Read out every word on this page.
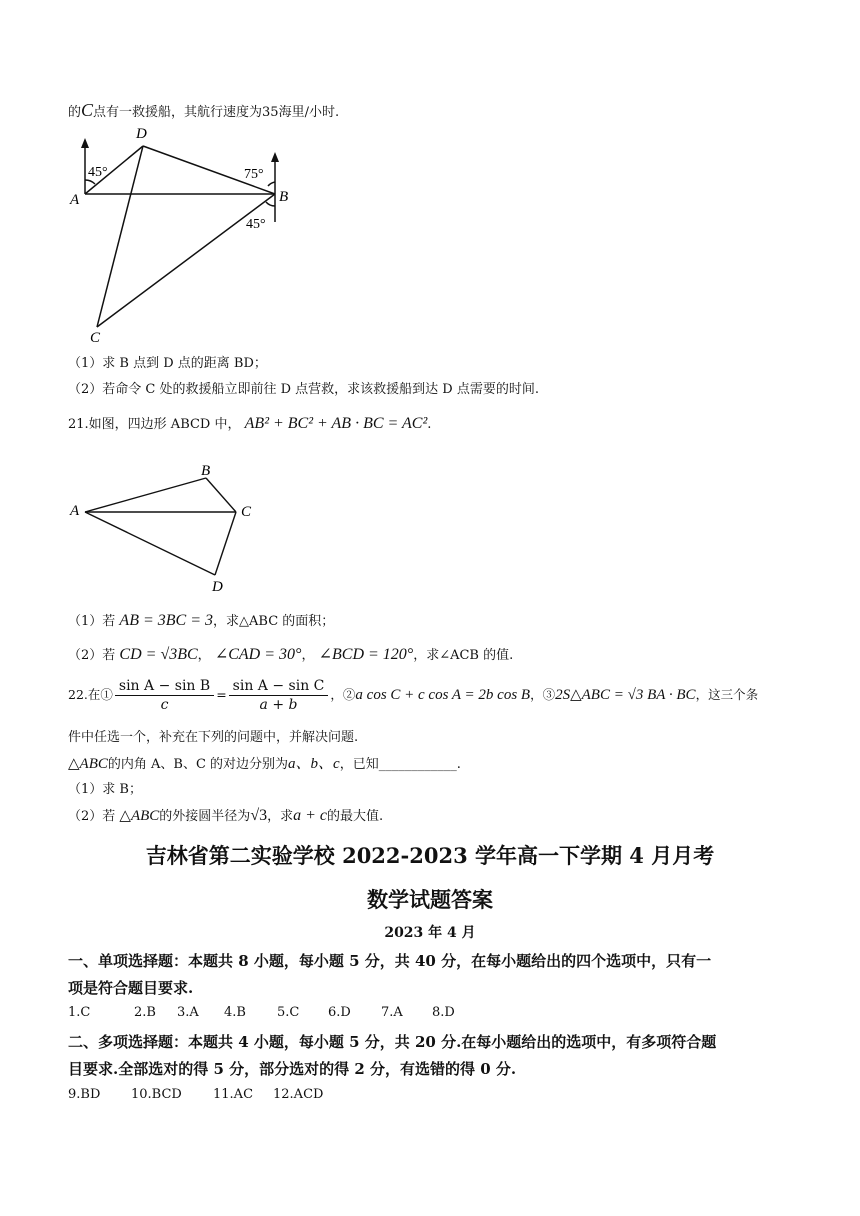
的C点有一救援船，其航行速度为35海里/小时.
A	B
C
D
45°	75°
45°
（1）求 B 点到 D 点的距离 BD；
（2）若命令 C 处的救援船立即前往 D 点营救，求该救援船到达 D 点需要的时间.
21.如图，四边形 ABCD 中， AB² + BC² + AB · BC = AC².
A
B
C
D
（1）若 AB = 3BC = 3，求△ABC 的面积；
（2）若 CD = √3BC， ∠CAD = 30°， ∠BCD = 120°，求∠ACB 的值.
22.在① $\frac{\text{sin A − sin B}}{c} = \frac{\text{sin A − sin C}}{a + b}$ ，②a cos C + c cos A = 2b cos B，③2S△ABC = √3 BA · BC，这三个条
件中任选一个，补充在下列的问题中，并解决问题.
△ABC的内角 A、B、C 的对边分别为a、b、c，已知____________.
（1）求 B；
（2）若 △ABC的外接圆半径为√3，求a + c的最大值.
吉林省第二实验学校 2022-2023 学年高一下学期 4 月月考
数学试题答案
2023 年 4 月
一、单项选择题：本题共 8 小题，每小题 5 分，共 40 分，在每小题给出的四个选项中，只有一
项是符合题目要求.
1.C	2.B 3.A 4.B 5.C 6.D 7.A 8.D
二、多项选择题：本题共 4 小题，每小题 5 分，共 20 分.在每小题给出的选项中，有多项符合题
目要求.全部选对的得 5 分，部分选对的得 2 分，有选错的得 0 分.
9.BD 10.BCD 11.AC 12.ACD
